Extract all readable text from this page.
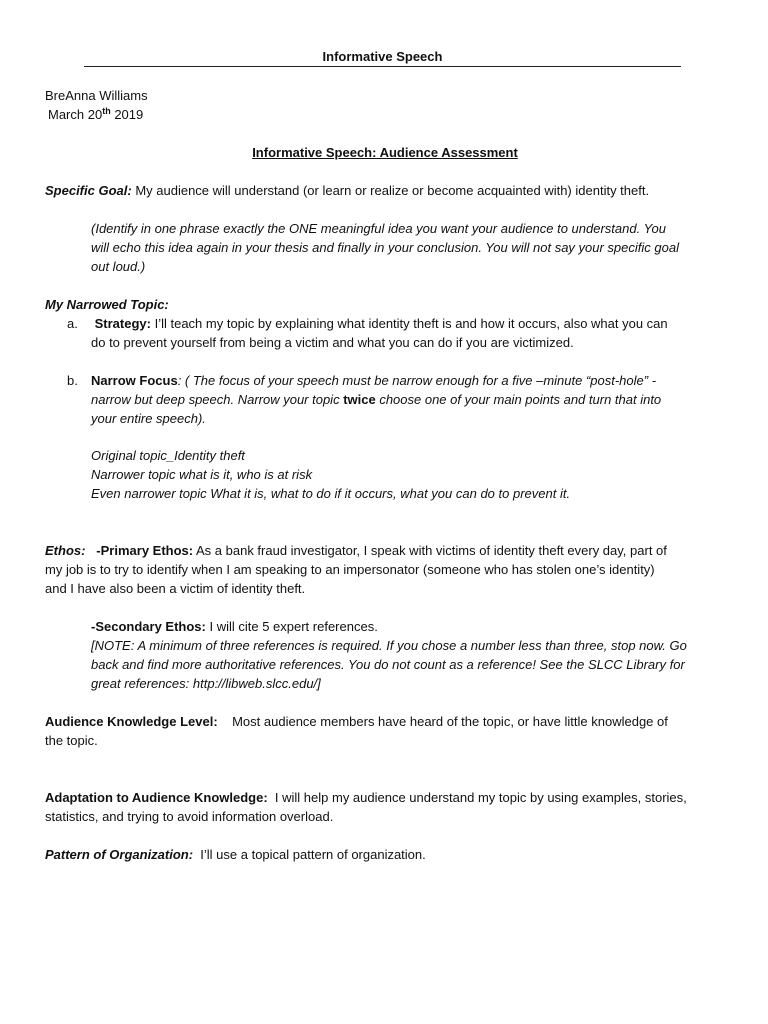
Informative Speech
BreAnna Williams
March 20th 2019
Informative Speech: Audience Assessment
Specific Goal: My audience will understand (or learn or realize or become acquainted with) identity theft.
(Identify in one phrase exactly the ONE meaningful idea you want your audience to understand. You
will echo this idea again in your thesis and finally in your conclusion. You will not say your specific goal
out loud.)
My Narrowed Topic:
a. Strategy: I’ll teach my topic by explaining what identity theft is and how it occurs, also what you can
do to prevent yourself from being a victim and what you can do if you are victimized.
b. Narrow Focus: ( The focus of your speech must be narrow enough for a five –minute “post-hole” -
narrow but deep speech. Narrow your topic twice choose one of your main points and turn that into
your entire speech).
Original topic_Identity theft
Narrower topic what is it, who is at risk
Even narrower topic What it is, what to do if it occurs, what you can do to prevent it.
Ethos: -Primary Ethos: As a bank fraud investigator, I speak with victims of identity theft every day, part of
my job is to try to identify when I am speaking to an impersonator (someone who has stolen one’s identity)
and I have also been a victim of identity theft.
-Secondary Ethos: I will cite 5 expert references.
[NOTE: A minimum of three references is required. If you chose a number less than three, stop now. Go
back and find more authoritative references. You do not count as a reference! See the SLCC Library for
great references: http://libweb.slcc.edu/]
Audience Knowledge Level:    Most audience members have heard of the topic, or have little knowledge of
the topic.
Adaptation to Audience Knowledge:  I will help my audience understand my topic by using examples, stories,
statistics, and trying to avoid information overload.
Pattern of Organization:  I’ll use a topical pattern of organization.
